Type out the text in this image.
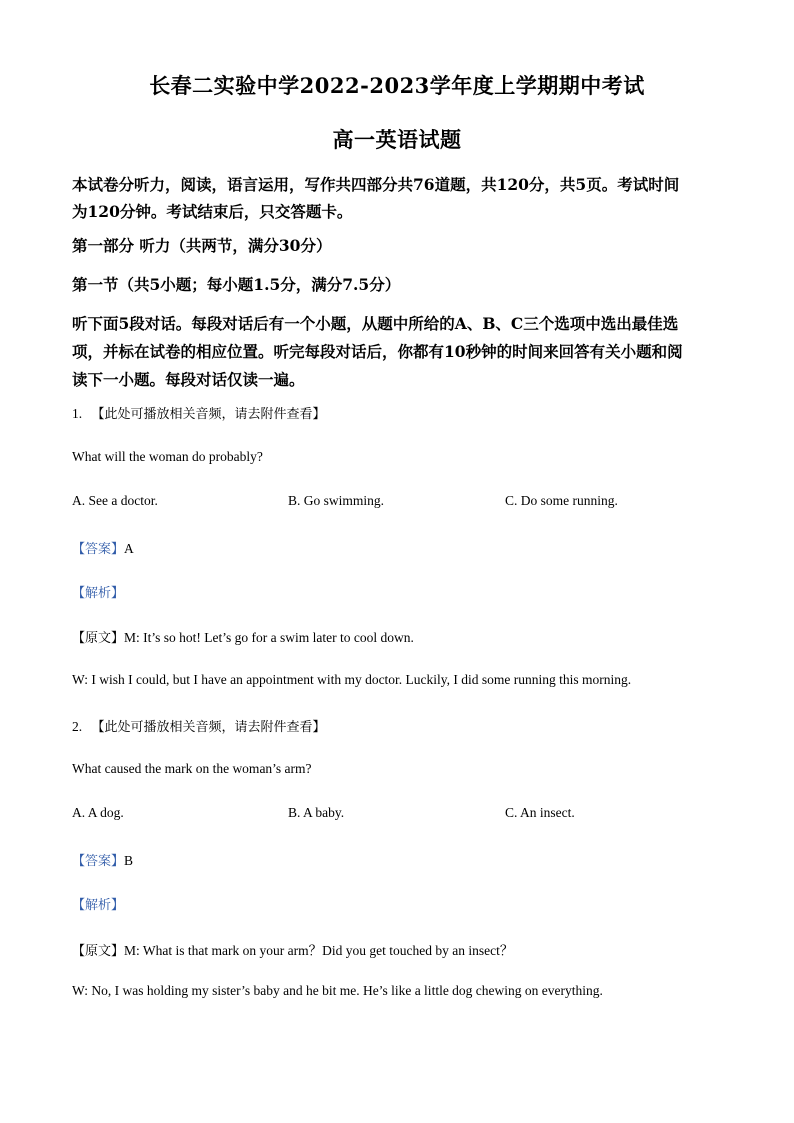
长春二实验中学2022-2023学年度上学期期中考试
高一英语试题
本试卷分听力，阅读，语言运用，写作共四部分共76道题，共120分，共5页。考试时间
为120分钟。考试结束后，只交答题卡。
第一部分 听力（共两节，满分30分）
第一节（共5小题；每小题1.5分，满分7.5分）
听下面5段对话。每段对话后有一个小题，从题中所给的A、B、C三个选项中选出最佳选
项，并标在试卷的相应位置。听完每段对话后，你都有10秒钟的时间来回答有关小题和阅
读下一小题。每段对话仅读一遍。
1. 【此处可播放相关音频，请去附件查看】
What will the woman do probably?
A. See a doctor.	B. Go swimming.	C. Do some running.
【答案】A
【解析】
【原文】M: It’s so hot! Let’s go for a swim later to cool down.
W: I wish I could, but I have an appointment with my doctor. Luckily, I did some running this morning.
2. 【此处可播放相关音频，请去附件查看】
What caused the mark on the woman’s arm?
A. A dog.	B. A baby.	C. An insect.
【答案】B
【解析】
【原文】M: What is that mark on your arm？Did you get touched by an insect？
W: No, I was holding my sister’s baby and he bit me. He’s like a little dog chewing on everything.
